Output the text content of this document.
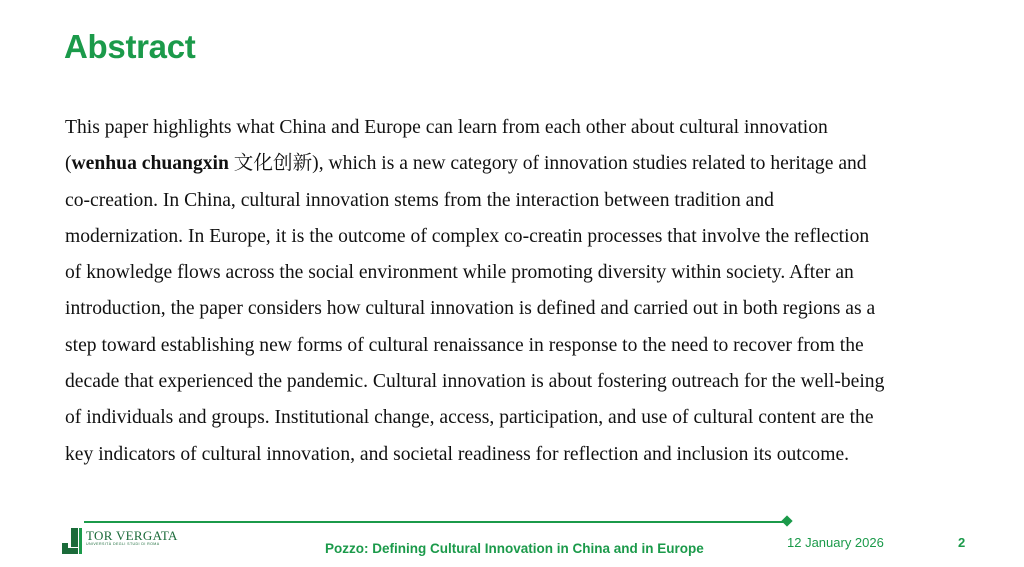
Abstract

This paper highlights what China and Europe can learn from each other about cultural innovation

(wenhua chuangxin 文化创新), which is a new category of innovation studies related to heritage and

co-creation. In China, cultural innovation stems from the interaction between tradition and

modernization. In Europe, it is the outcome of complex co-creatin processes that involve the reflection

of knowledge flows across the social environment while promoting diversity within society. After an

introduction, the paper considers how cultural innovation is defined and carried out in both regions as a

step toward establishing new forms of cultural renaissance in response to the need to recover from the

decade that experienced the pandemic. Cultural innovation is about fostering outreach for the well-being

of individuals and groups. Institutional change, access, participation, and use of cultural content are the

key indicators of cultural innovation, and societal readiness for reflection and inclusion its outcome.

TOR VERGATA
UNIVERSITÀ DEGLI STUDI DI ROMA	Pozzo: Defining Cultural Innovation in China and in Europe	12 January 2026	2
